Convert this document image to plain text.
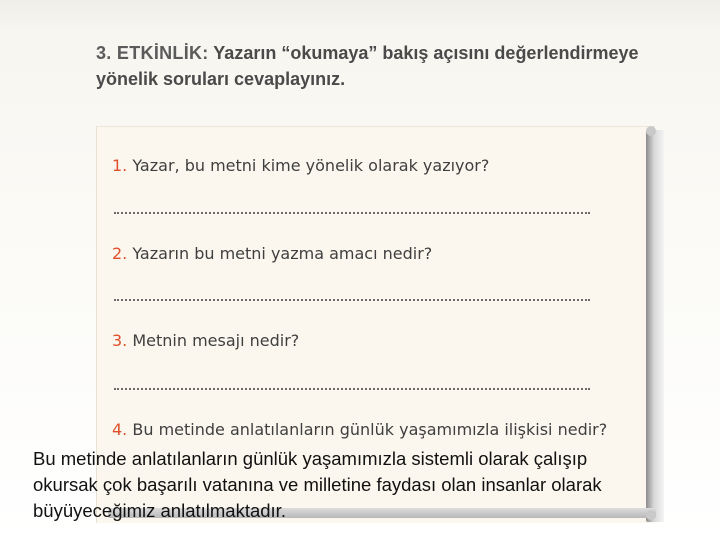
3. ETKİNLİK: Yazarın “okumaya” bakış açısını değerlendirmeye yönelik soruları cevaplayınız.
1. Yazar, bu metni kime yönelik olarak yazıyor?
2. Yazarın bu metni yazma amacı nedir?
3. Metnin mesajı nedir?
4. Bu metinde anlatılanların günlük yaşamımızla ilişkisi nedir?
Bu metinde anlatılanların günlük yaşamımızla sistemli olarak çalışıp okursak çok başarılı vatanına ve milletine faydası olan insanlar olarak büyüyeceğimiz anlatılmaktadır.
